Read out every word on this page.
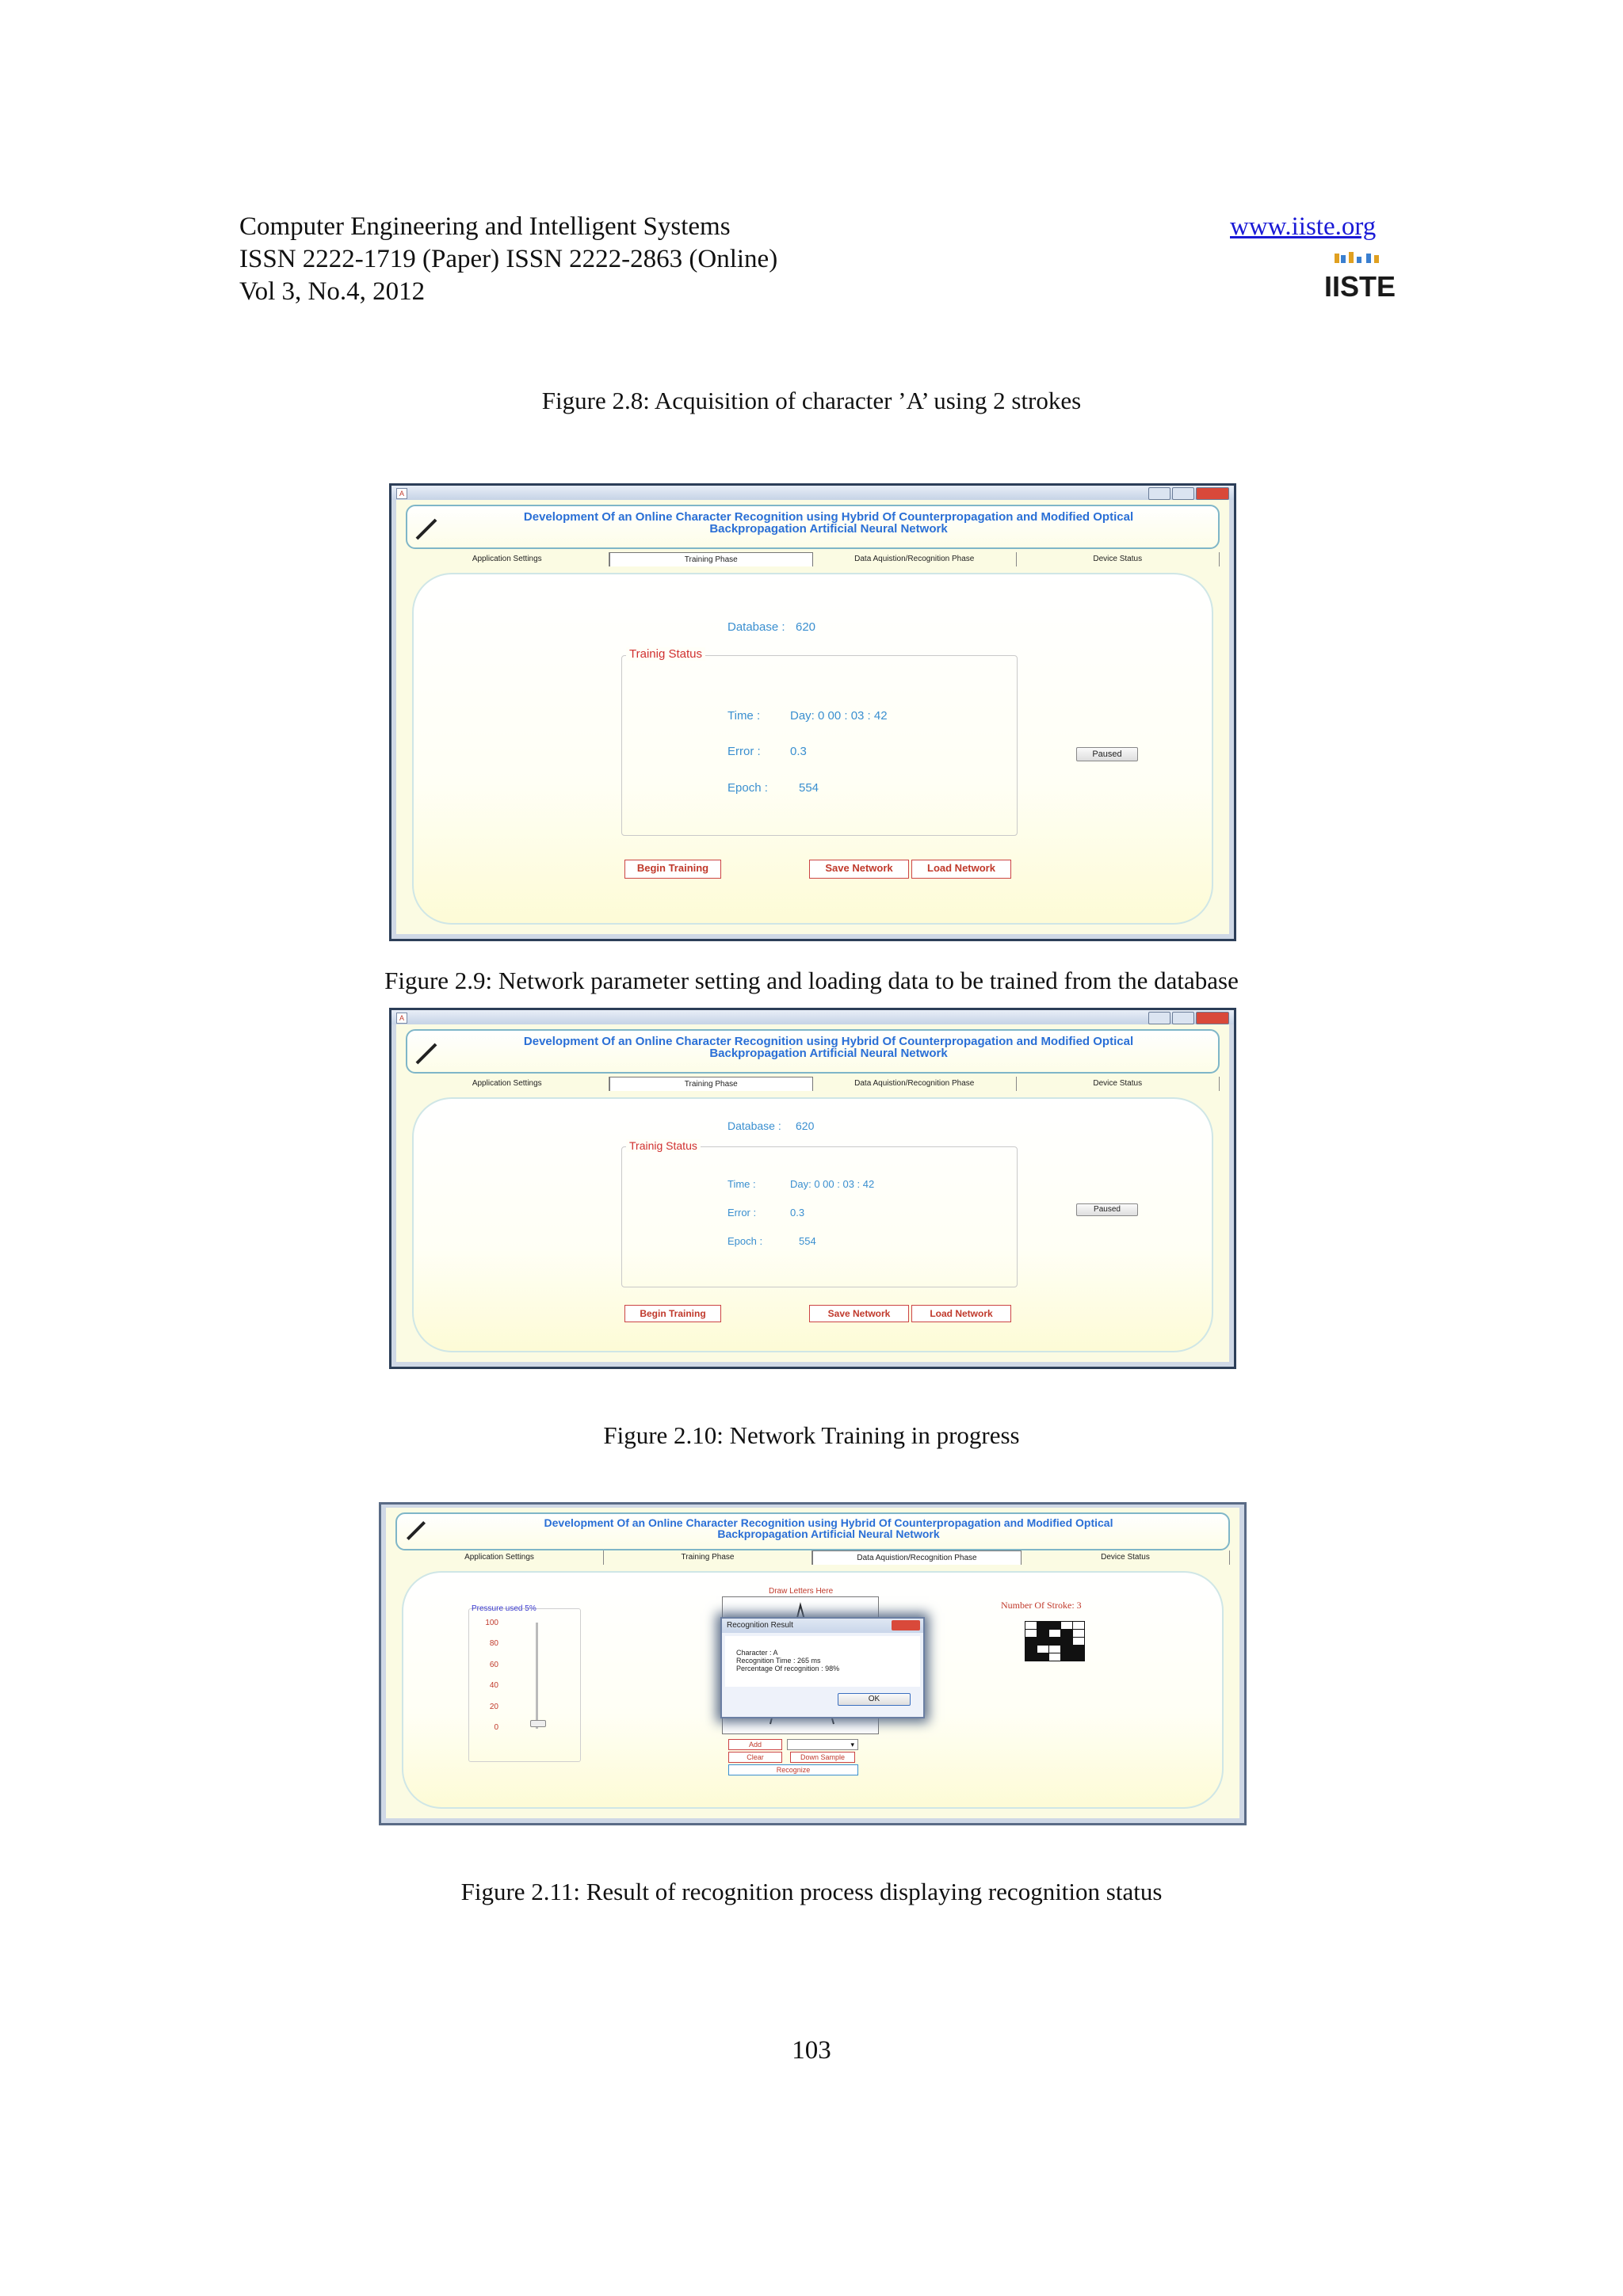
Computer Engineering and Intelligent Systems
ISSN 2222-1719 (Paper) ISSN 2222-2863 (Online)
Vol 3, No.4, 2012
www.iiste.org
IISTE
Figure 2.8: Acquisition of character ’A’ using 2 strokes
A
Development Of an Online Character Recognition using Hybrid Of Counterpropagation and Modified Optical
Backpropagation Artificial Neural Network
Application Settings	Training Phase	Data Aquistion/Recognition Phase	Device Status
Database : 620
Trainig Status
Time :	Day: 0 00 : 03 : 42
Error : 0.3
Epoch :	554
Paused
Begin Training	Save Network	Load Network
Figure 2.9: Network parameter setting and loading data to be trained from the database
A
Development Of an Online Character Recognition using Hybrid Of Counterpropagation and Modified Optical
Backpropagation Artificial Neural Network
Application Settings	Training Phase	Data Aquistion/Recognition Phase	Device Status
Database : 620
Trainig Status
Time :	Day: 0 00 : 03 : 42
Error :	0.3
Epoch :	554
Paused
Begin Training	Save Network	Load Network
Figure 2.10: Network Training in progress
Development Of an Online Character Recognition using Hybrid Of Counterpropagation and Modified Optical
Backpropagation Artificial Neural Network
Application Settings	Training Phase	Data Aquistion/Recognition Phase	Device Status
Pressure used 5%
100
80
60
40
20
0
Draw Letters Here
Recognition Result
Character : A
Recognition Time : 265 ms
Percentage Of recognition : 98%
OK
Add	▾
Clear	Down Sample
Recognize
Number Of Stroke: 3
Figure 2.11: Result of recognition process displaying recognition status
103
